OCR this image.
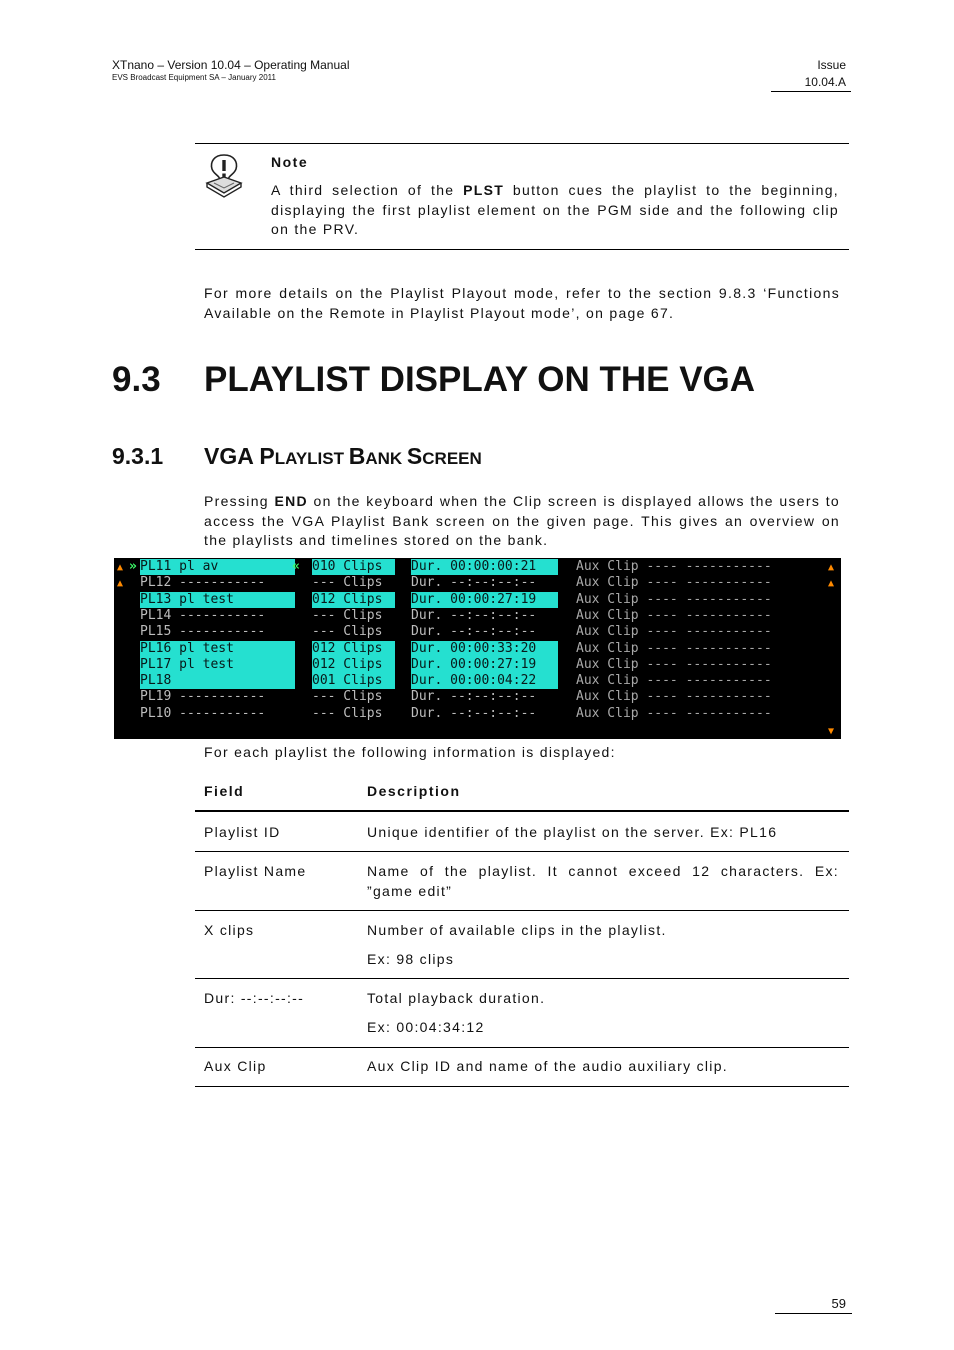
XTnano – Version 10.04 – Operating Manual
EVS Broadcast Equipment SA – January 2011
Issue
10.04.A
Note
A third selection of the PLST button cues the playlist to the beginning, displaying the first playlist element on the PGM side and the following clip on the PRV.
For more details on the Playlist Playout mode, refer to the section 9.8.3 ‘Functions Available on the Remote in Playlist Playout mode’, on page 67.
9.3 PLAYLIST DISPLAY ON THE VGA
9.3.1 VGA PLAYLIST BANK SCREEN
Pressing END on the keyboard when the Clip screen is displayed allows the users to access the VGA Playlist Bank screen on the given page. This gives an overview on the playlists and timelines stored on the bank.
▲
▲
▲
▲
▼
PL11 pl av	010 Clips	Dur. 00:00:00:21	Aux Clip ---- -----------
»	«
PL12 -----------	--- Clips	Dur. --:--:--:--	Aux Clip ---- -----------
PL13 pl test	012 Clips	Dur. 00:00:27:19	Aux Clip ---- -----------
PL14 -----------	--- Clips	Dur. --:--:--:--	Aux Clip ---- -----------
PL15 -----------	--- Clips	Dur. --:--:--:--	Aux Clip ---- -----------
PL16 pl test	012 Clips	Dur. 00:00:33:20	Aux Clip ---- -----------
PL17 pl test	012 Clips	Dur. 00:00:27:19	Aux Clip ---- -----------
PL18	001 Clips	Dur. 00:00:04:22	Aux Clip ---- -----------
PL19 -----------	--- Clips	Dur. --:--:--:--	Aux Clip ---- -----------
PL10 -----------	--- Clips	Dur. --:--:--:--	Aux Clip ---- -----------
For each playlist the following information is displayed:
Field	Description
Playlist ID	Unique identifier of the playlist on the server. Ex: PL16
Playlist Name	Name of the playlist. It cannot exceed 12 characters. Ex: ”game edit”
X clips	Number of available clips in the playlist.
Ex: 98 clips
Dur: --:--:--:--	Total playback duration.
Ex: 00:04:34:12
Aux Clip	Aux Clip ID and name of the audio auxiliary clip.
59
